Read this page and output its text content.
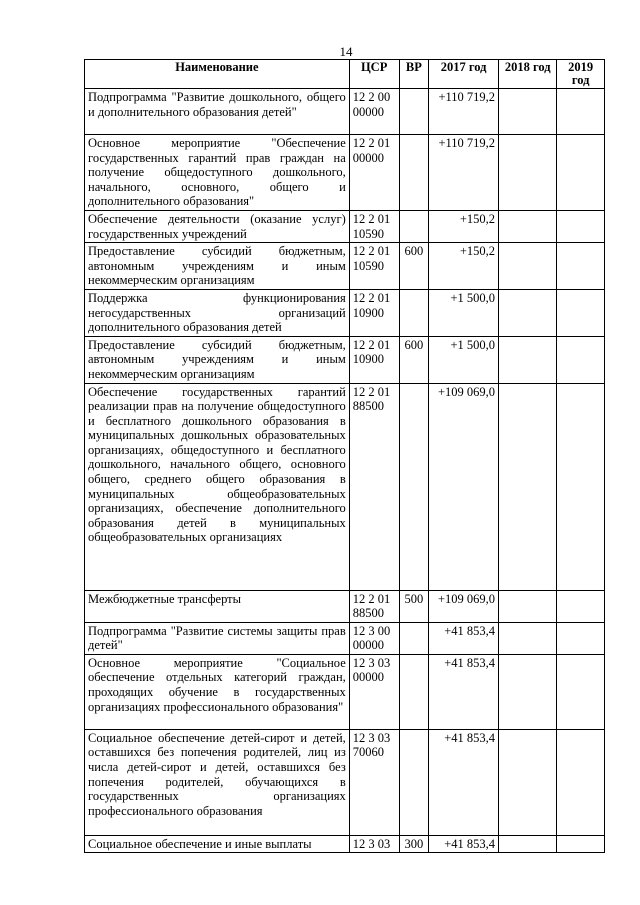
14
Наименование	ЦСР	ВР	2017 год	2018 год	2019 год

Подпрограмма "Развитие дошкольного, общего и дополнительного образования детей"	12 2 00 00000		+110 719,2		

Основное мероприятие "Обеспечение государственных гарантий прав граждан на получение общедоступного дошкольного, начального, основного, общего и дополнительного образования"	12 2 01 00000		+110 719,2		

Обеспечение деятельности (оказание услуг) государственных учреждений	12 2 01 10590		+150,2		

Предоставление субсидий бюджетным, автономным учреждениям и иным некоммерческим организациям	12 2 01 10590	600	+150,2		

Поддержка функционирования негосударственных организаций дополнительного образования детей	12 2 01 10900		+1 500,0		

Предоставление субсидий бюджетным, автономным учреждениям и иным некоммерческим организациям	12 2 01 10900	600	+1 500,0		

Обеспечение государственных гарантий реализации прав на получение общедоступного и бесплатного дошкольного образования в муниципальных дошкольных образовательных организациях, общедоступного и бесплатного дошкольного, начального общего, основного общего, среднего общего образования в муниципальных общеобразовательных организациях, обеспечение дополнительного образования детей в муниципальных общеобразовательных организациях	12 2 01 88500		+109 069,0		

Межбюджетные трансферты	12 2 01 88500	500	+109 069,0		

Подпрограмма "Развитие системы защиты прав детей"	12 3 00 00000		+41 853,4		

Основное мероприятие "Социальное обеспечение отдельных категорий граждан, проходящих обучение в государственных организациях профессионального образования"	12 3 03 00000		+41 853,4		

Социальное обеспечение детей-сирот и детей, оставшихся без попечения родителей, лиц из числа детей-сирот и детей, оставшихся без попечения родителей, обучающихся в государственных организациях профессионального образования	12 3 03 70060		+41 853,4		

Социальное обеспечение и иные выплаты	12 3 03	300	+41 853,4		
